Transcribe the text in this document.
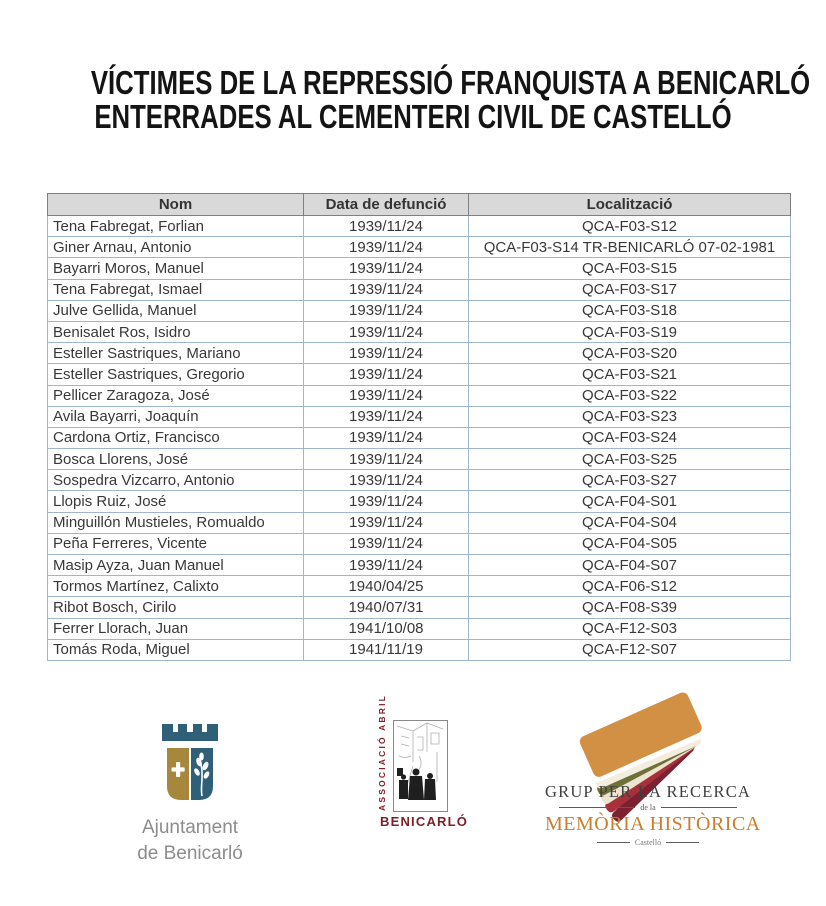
VÍCTIMES DE LA REPRESSIÓ FRANQUISTA A BENICARLÓ
ENTERRADES AL CEMENTERI CIVIL DE CASTELLÓ
Nom	Data de defunció	Localització
Tena Fabregat, Forlian	1939/11/24	QCA-F03-S12
Giner Arnau, Antonio	1939/11/24	QCA-F03-S14 TR-BENICARLÓ 07-02-1981
Bayarri Moros, Manuel	1939/11/24	QCA-F03-S15
Tena Fabregat, Ismael	1939/11/24	QCA-F03-S17
Julve Gellida, Manuel	1939/11/24	QCA-F03-S18
Benisalet Ros, Isidro	1939/11/24	QCA-F03-S19
Esteller Sastriques, Mariano	1939/11/24	QCA-F03-S20
Esteller Sastriques, Gregorio	1939/11/24	QCA-F03-S21
Pellicer Zaragoza, José	1939/11/24	QCA-F03-S22
Avila Bayarri, Joaquín	1939/11/24	QCA-F03-S23
Cardona Ortiz, Francisco	1939/11/24	QCA-F03-S24
Bosca Llorens, José	1939/11/24	QCA-F03-S25
Sospedra Vizcarro, Antonio	1939/11/24	QCA-F03-S27
Llopis Ruiz, José	1939/11/24	QCA-F04-S01
Minguillón Mustieles, Romualdo	1939/11/24	QCA-F04-S04
Peña Ferreres, Vicente	1939/11/24	QCA-F04-S05
Masip Ayza, Juan Manuel	1939/11/24	QCA-F04-S07
Tormos Martínez, Calixto	1940/04/25	QCA-F06-S12
Ribot Bosch, Cirilo	1940/07/31	QCA-F08-S39
Ferrer Llorach, Juan	1941/10/08	QCA-F12-S03
Tomás Roda, Miguel	1941/11/19	QCA-F12-S07
Ajuntament
de Benicarló
ASSOCIACIÓ ABRIL
BENICARLÓ
GRUP PER LA RECERCA
de la
MEMÒRIA HISTÒRICA
Castelló
